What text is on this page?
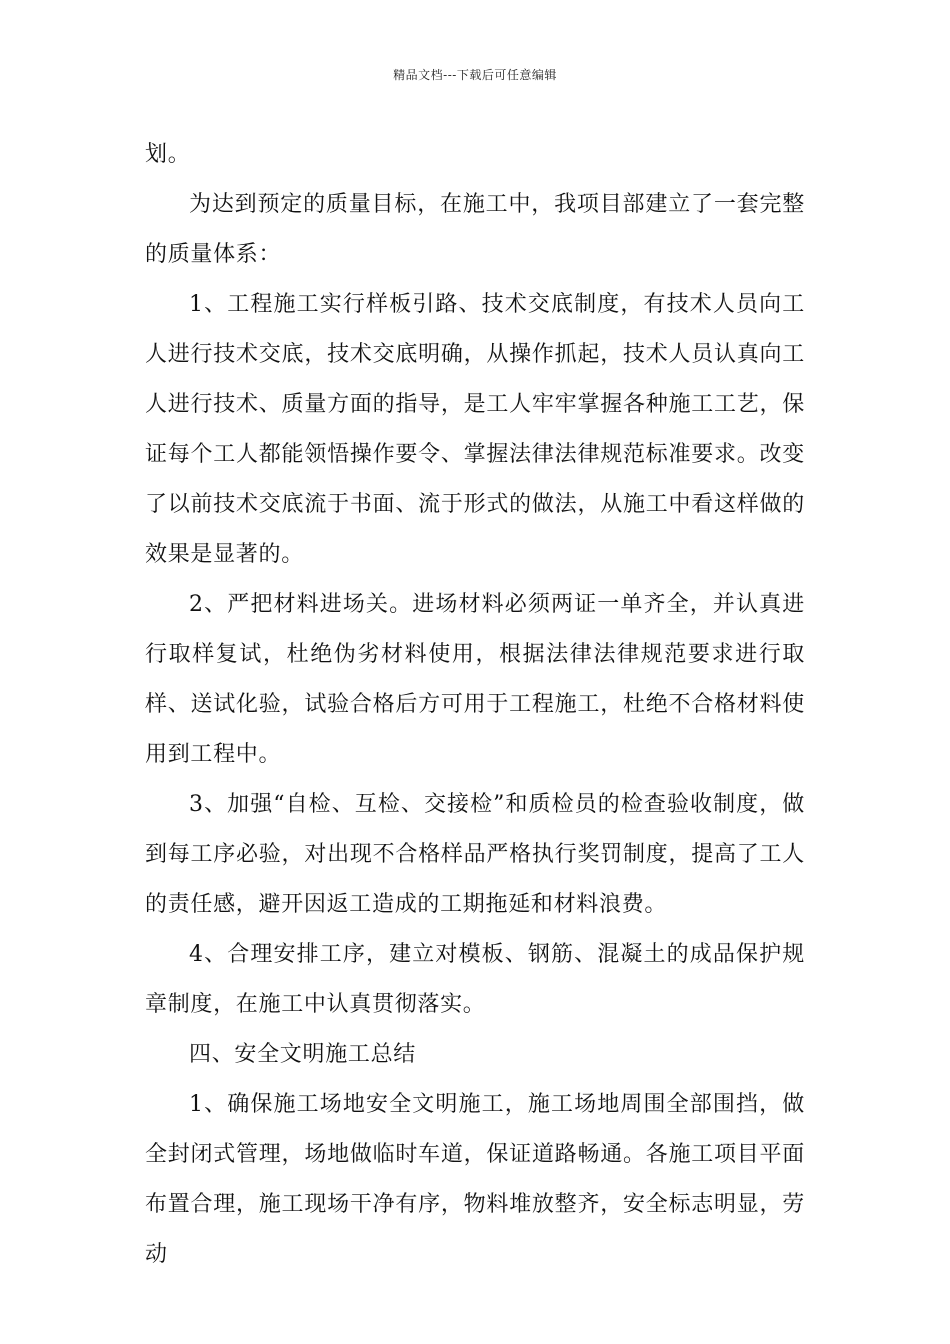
精品文档---下载后可任意编辑

划。

为达到预定的质量目标，在施工中，我项目部建立了一套完整的质量体系：

1、工程施工实行样板引路、技术交底制度，有技术人员向工人进行技术交底，技术交底明确，从操作抓起，技术人员认真向工人进行技术、质量方面的指导，是工人牢牢掌握各种施工工艺，保证每个工人都能领悟操作要令、掌握法律法律规范标准要求。改变了以前技术交底流于书面、流于形式的做法，从施工中看这样做的效果是显著的。

2、严把材料进场关。进场材料必须两证一单齐全，并认真进行取样复试，杜绝伪劣材料使用，根据法律法律规范要求进行取样、送试化验，试验合格后方可用于工程施工，杜绝不合格材料使用到工程中。

3、加强“自检、互检、交接检”和质检员的检查验收制度，做到每工序必验，对出现不合格样品严格执行奖罚制度，提高了工人的责任感，避开因返工造成的工期拖延和材料浪费。

4、合理安排工序，建立对模板、钢筋、混凝土的成品保护规章制度，在施工中认真贯彻落实。

四、安全文明施工总结

1、确保施工场地安全文明施工，施工场地周围全部围挡，做全封闭式管理，场地做临时车道，保证道路畅通。各施工项目平面布置合理，施工现场干净有序，物料堆放整齐，安全标志明显，劳动
